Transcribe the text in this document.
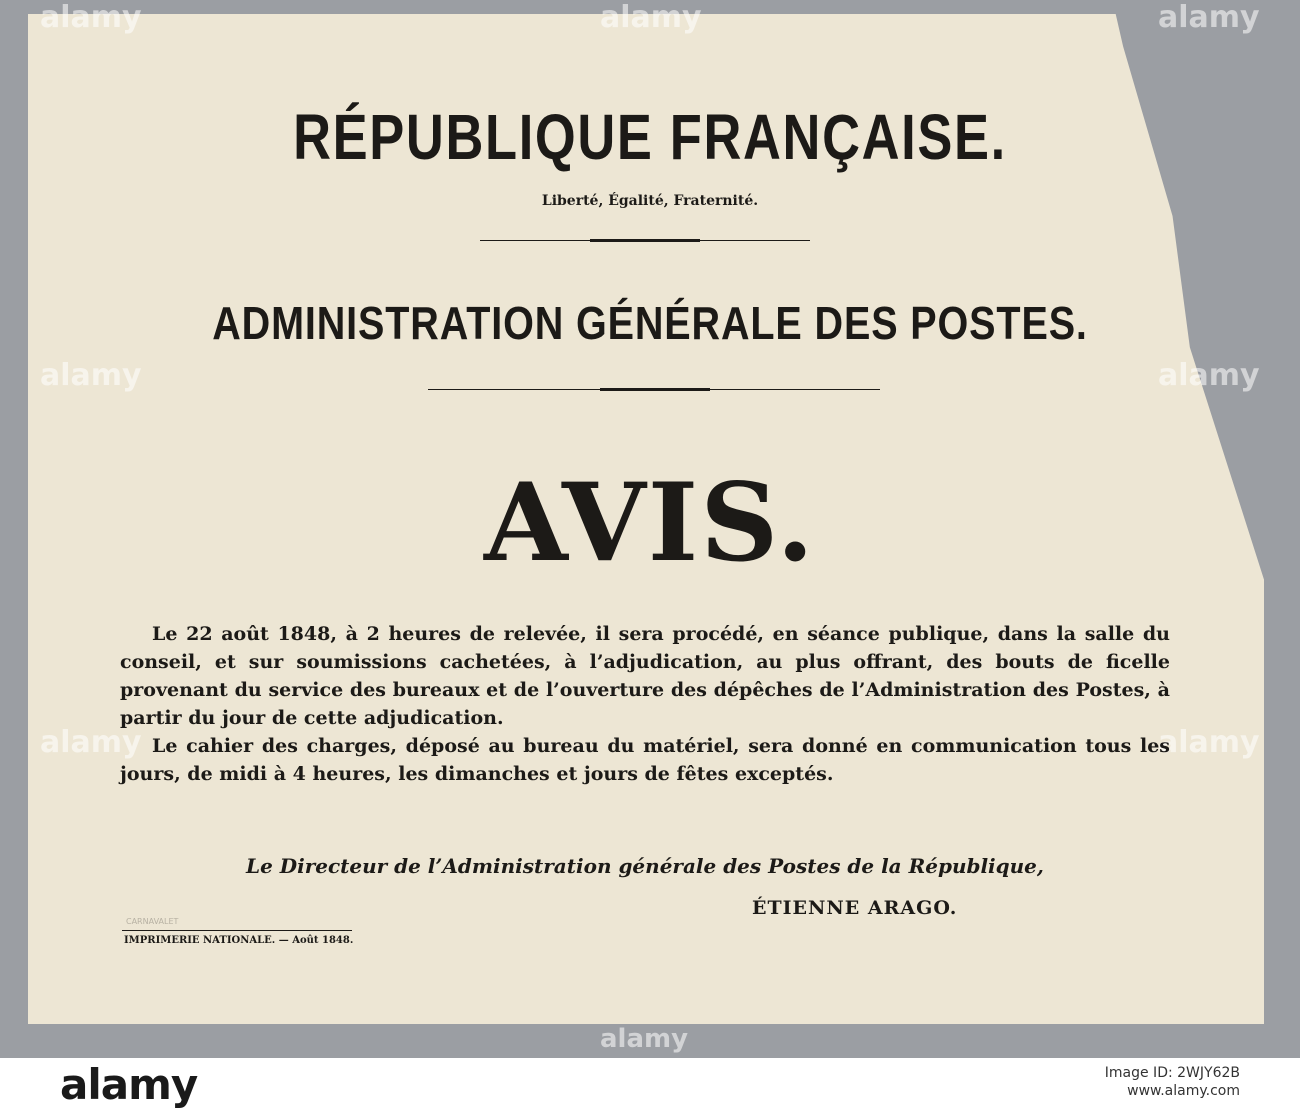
alamy	alamy
alamy	alamy
alamy	alamy
alamy
alamy
RÉPUBLIQUE FRANÇAISE.
Liberté, Égalité, Fraternité.
ADMINISTRATION GÉNÉRALE DES POSTES.
AVIS.

Le 22 août 1848, à 2 heures de relevée, il sera procédé, en séance publique, dans la salle du conseil, et sur soumissions cachetées, à l’adjudication, au plus offrant, des bouts de ficelle provenant du service des bureaux et de l’ouverture des dépêches de l’Administration des Postes, à partir du jour de cette adjudication.

Le cahier des charges, déposé au bureau du matériel, sera donné en communication tous les jours, de midi à 4 heures, les dimanches et jours de fêtes exceptés.

Le Directeur de l’Administration générale des Postes de la République,
ÉTIENNE ARAGO.
CARNAVALET
IMPRIMERIE NATIONALE. — Août 1848.
alamy	Image ID: 2WJY62B
www.alamy.com
